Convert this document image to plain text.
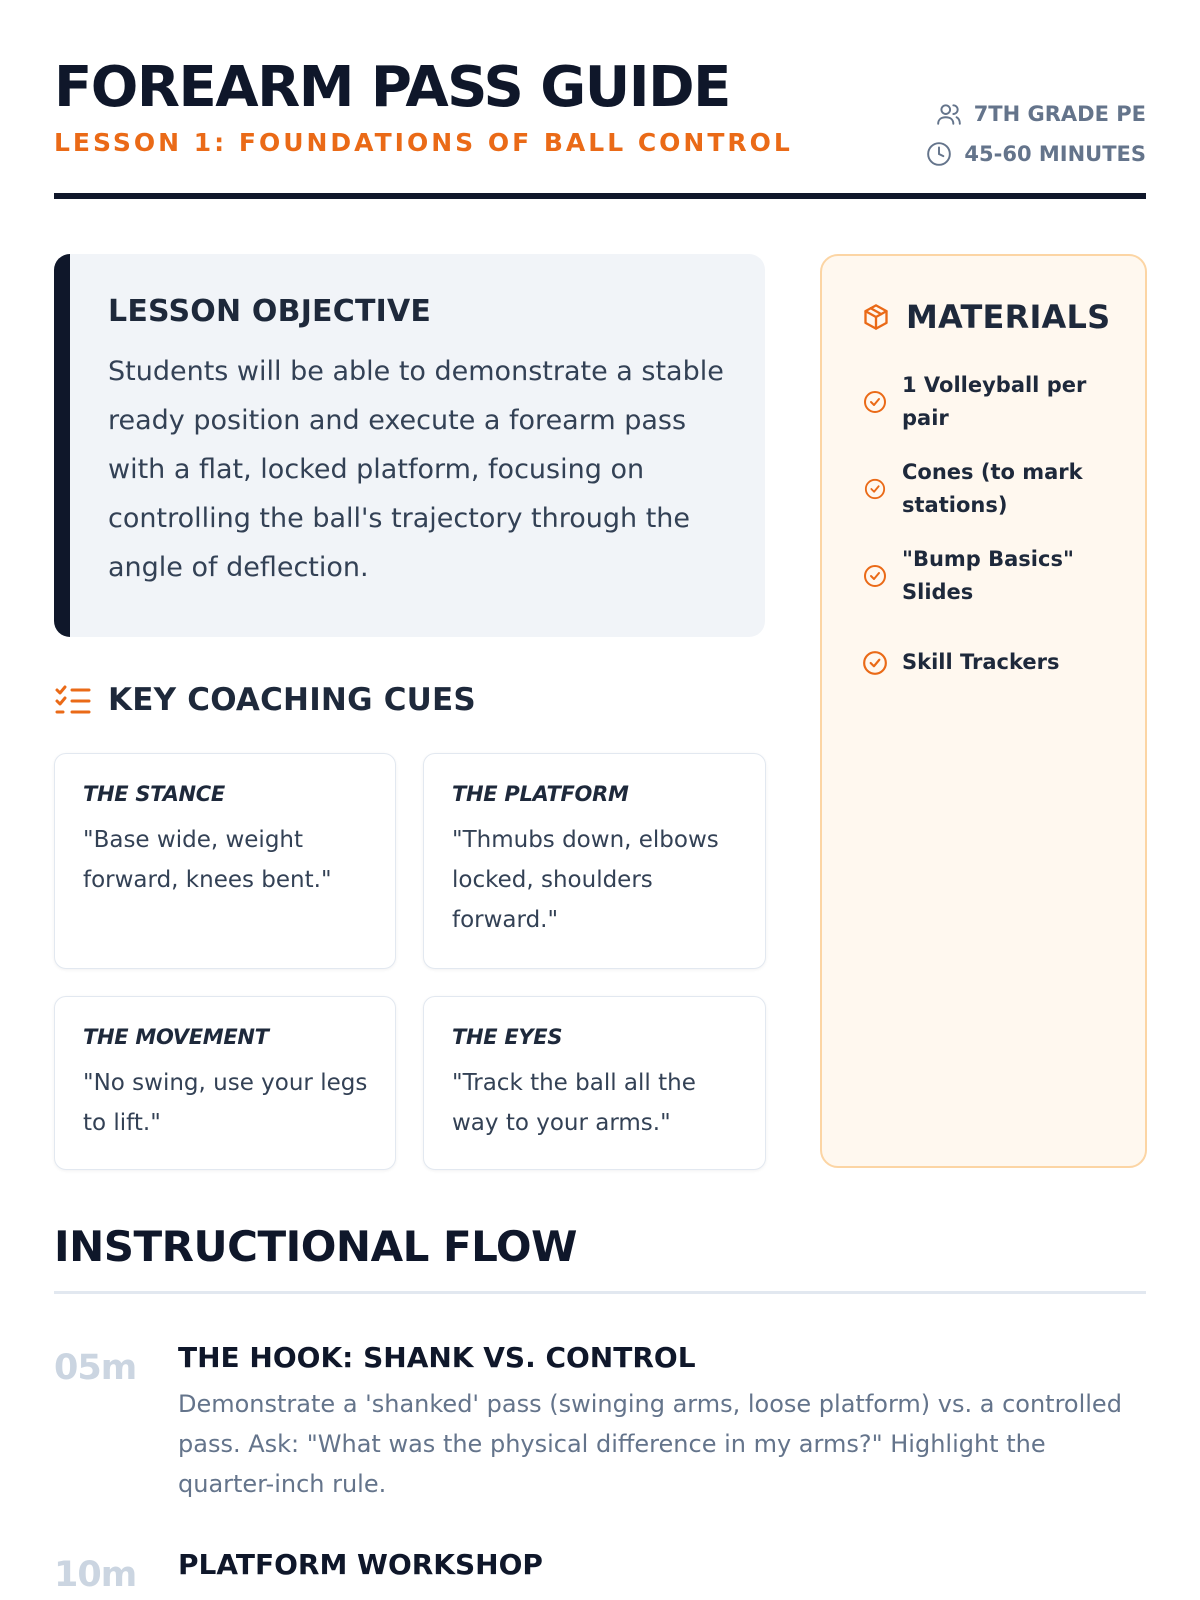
FOREARM PASS GUIDE
LESSON 1: FOUNDATIONS OF BALL CONTROL
7TH GRADE PE
45-60 MINUTES
LESSON OBJECTIVE

Students will be able to demonstrate a stable ready position and execute a forearm pass with a flat, locked platform, focusing on controlling the ball's trajectory through the angle of deflection.

KEY COACHING CUES
THE STANCE
"Base wide, weight forward, knees bent."
THE PLATFORM
"Thmubs down, elbows locked, shoulders forward."
THE MOVEMENT
"No swing, use your legs to lift."
THE EYES
"Track the ball all the way to your arms."
MATERIALS
1 Volleyball per pair
Cones (to mark stations)
"Bump Basics" Slides
Skill Trackers
INSTRUCTIONAL FLOW
05m THE HOOK: SHANK VS. CONTROL

Demonstrate a 'shanked' pass (swinging arms, loose platform) vs. a controlled pass. Ask: "What was the physical difference in my arms?" Highlight the quarter-inch rule.

10m PLATFORM WORKSHOP
